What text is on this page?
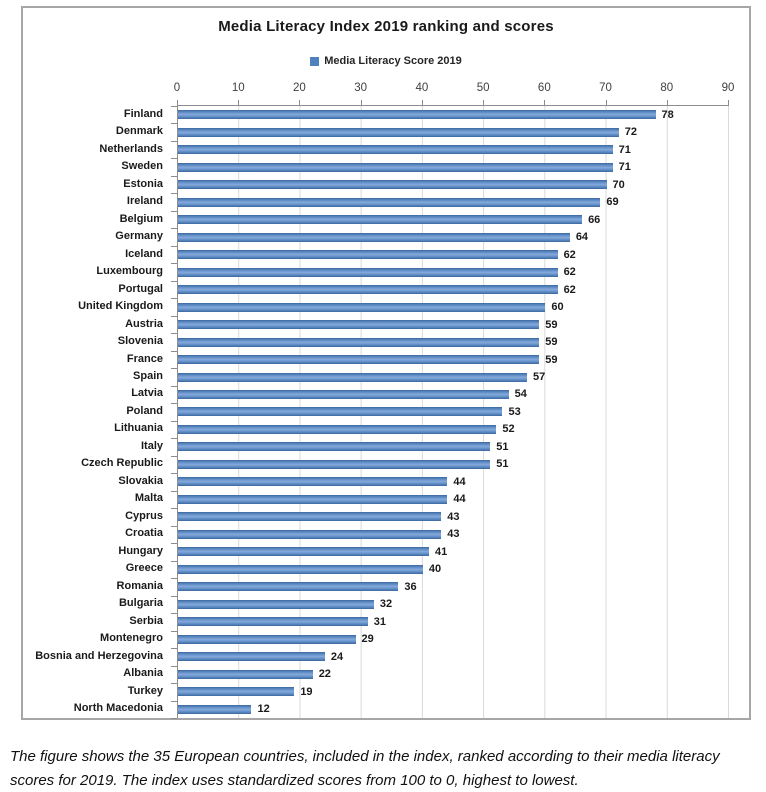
Media Literacy Index 2019 ranking and scores
Media Literacy Score 2019
0	10	20	30	40	50	60	70	80	90
Finland
Denmark
Netherlands
Sweden
Estonia
Ireland
Belgium
Germany
Iceland
Luxembourg
Portugal
United Kingdom
Austria
Slovenia
France
Spain
Latvia
Poland
Lithuania
Italy
Czech Republic
Slovakia
Malta
Cyprus
Croatia
Hungary
Greece
Romania
Bulgaria
Serbia
Montenegro
Bosnia and Herzegovina
Albania
Turkey
North Macedonia
78
72
71
71
70
69
66
64
62
62
62
60
59
59
59
57
54
53
52
51
51
44
44
43
43
41
40
36
32
31
29
24
22
19
12
The figure shows the 35 European countries, included in the index, ranked according to their media literacy
scores for 2019. The index uses standardized scores from 100 to 0, highest to lowest.
